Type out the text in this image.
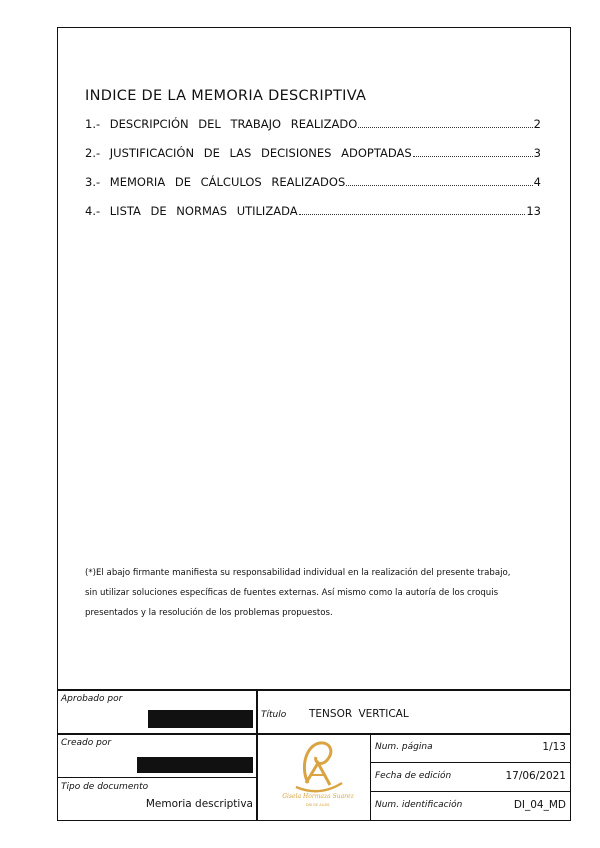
INDICE DE LA MEMORIA DESCRIPTIVA
1.- DESCRIPCIÓN DEL TRABAJO REALIZADO	2
2.- JUSTIFICACIÓN DE LAS DECISIONES ADOPTADAS	3
3.- MEMORIA DE CÁLCULOS REALIZADOS	4
4.- LISTA DE NORMAS UTILIZADA	13
(*)El abajo firmante manifiesta su responsabilidad individual en la realización del presente trabajo,
sin utilizar soluciones específicas de fuentes externas. Así mismo como la autoría de los croquis
presentados y la resolución de los problemas propuestos.
Aprobado por
Creado por
Tipo de documento
Memoria descriptiva
Título TENSOR VERTICAL
Gisela Hormaza Suarez
DNI DE ALUM.
Num. página	1/13
Fecha de edición	17/06/2021
Num. identificación	DI_04_MD
